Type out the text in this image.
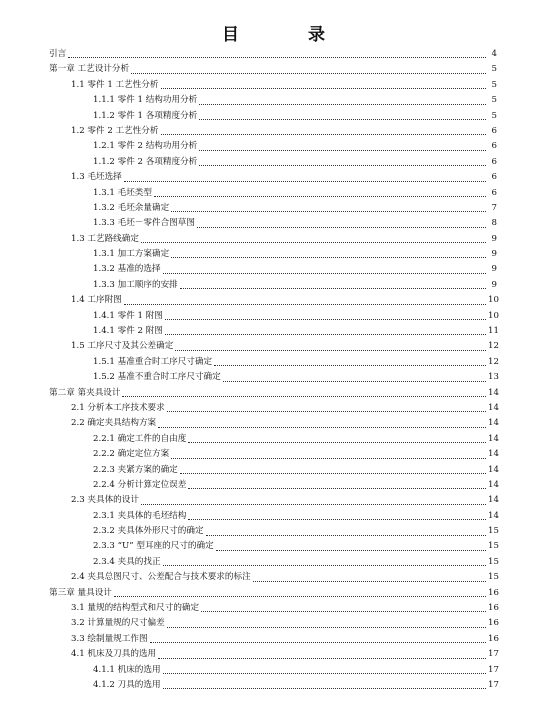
目　录
引言	4
第一章 工艺设计分析	5
1.1 零件 1 工艺性分析	5
1.1.1 零件 1 结构功用分析	5
1.1.2 零件 1 各项精度分析	5
1.2 零件 2 工艺性分析	6
1.2.1 零件 2 结构功用分析	6
1.1.2 零件 2 各项精度分析	6
1.3 毛坯选择	6
1.3.1 毛坯类型	6
1.3.2 毛坯余量确定	7
1.3.3 毛坯－零件合图草图	8
1.3 工艺路线确定	9
1.3.1 加工方案确定	9
1.3.2 基准的选择	9
1.3.3 加工顺序的安排	9
1.4 工序附图	10
1.4.1 零件 1 附图	10
1.4.1 零件 2 附图	11
1.5 工序尺寸及其公差确定	12
1.5.1 基准重合时工序尺寸确定	12
1.5.2 基准不重合时工序尺寸确定	13
第二章 第夹具设计	14
2.1 分析本工序技术要求	14
2.2 确定夹具结构方案	14
2.2.1 确定工件的自由度	14
2.2.2 确定定位方案	14
2.2.3 夹紧方案的确定	14
2.2.4 分析计算定位误差	14
2.3 夹具体的设计	14
2.3.1 夹具体的毛坯结构	14
2.3.2 夹具体外形尺寸的确定	15
2.3.3 “U” 型耳座的尺寸的确定	15
2.3.4 夹具的找正	15
2.4 夹具总图尺寸、公差配合与技术要求的标注	15
第三章 量具设计	16
3.1 量规的结构型式和尺寸的确定	16
3.2 计算量规的尺寸偏差	16
3.3 绘制量规工作图	16
4.1 机床及刀具的选用	17
4.1.1 机床的选用	17
4.1.2 刀具的选用	17
